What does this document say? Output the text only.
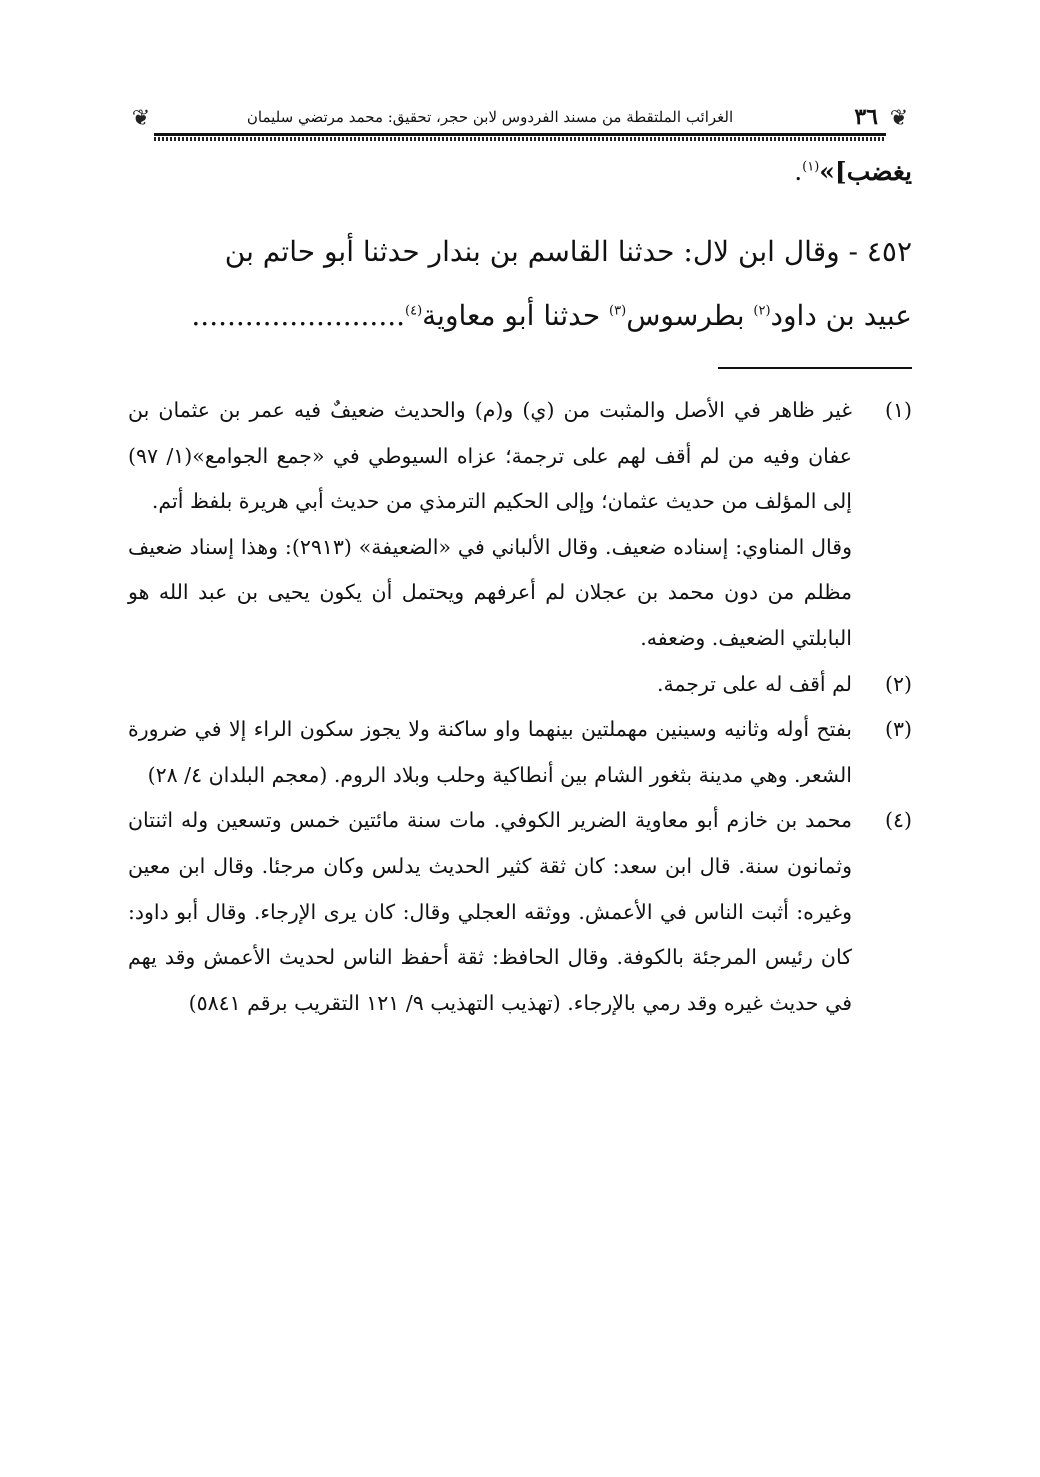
❦
٣٦
الغرائب الملتقطة من مسند الفردوس لابن حجر، تحقيق: محمد مرتضي سليمان
❦
يغضب]»$^{(١)}$.
٤٥٢ - وقال ابن لال: حدثنا القاسم بن بندار حدثنا أبو حاتم بن
عبيد بن داود$^{(٢)}$ بطرسوس$^{(٣)}$ حدثنا أبو معاوية$^{(٤)}$........................
(١)

غير ظاهر في الأصل والمثبت من (ي) و(م) والحديث ضعيفٌ فيه عمر بن عثمان بن عفان وفيه من لم أقف لهم على ترجمة؛ عزاه السيوطي في «جمع الجوامع»(١/ ٩٧) إلى المؤلف من حديث عثمان؛ وإلى الحكيم الترمذي من حديث أبي هريرة بلفظ أتم.

وقال المناوي: إسناده ضعيف. وقال الألباني في «الضعيفة» (٢٩١٣): وهذا إسناد ضعيف مظلم من دون محمد بن عجلان لم أعرفهم ويحتمل أن يكون يحيى بن عبد الله هو البابلتي الضعيف. وضعفه.

(٢)

لم أقف له على ترجمة.

(٣)

بفتح أوله وثانيه وسينين مهملتين بينهما واو ساكنة ولا يجوز سكون الراء إلا في ضرورة الشعر. وهي مدينة بثغور الشام بين أنطاكية وحلب وبلاد الروم. (معجم البلدان ٤/ ٢٨)

(٤)

محمد بن خازم أبو معاوية الضرير الكوفي. مات سنة مائتين خمس وتسعين وله اثنتان وثمانون سنة. قال ابن سعد: كان ثقة كثير الحديث يدلس وكان مرجئا. وقال ابن معين وغيره: أثبت الناس في الأعمش. ووثقه العجلي وقال: كان يرى الإرجاء. وقال أبو داود: كان رئيس المرجئة بالكوفة. وقال الحافظ: ثقة أحفظ الناس لحديث الأعمش وقد يهم في حديث غيره وقد رمي بالإرجاء. (تهذيب التهذيب ٩/ ١٢١ التقريب برقم ٥٨٤١)
